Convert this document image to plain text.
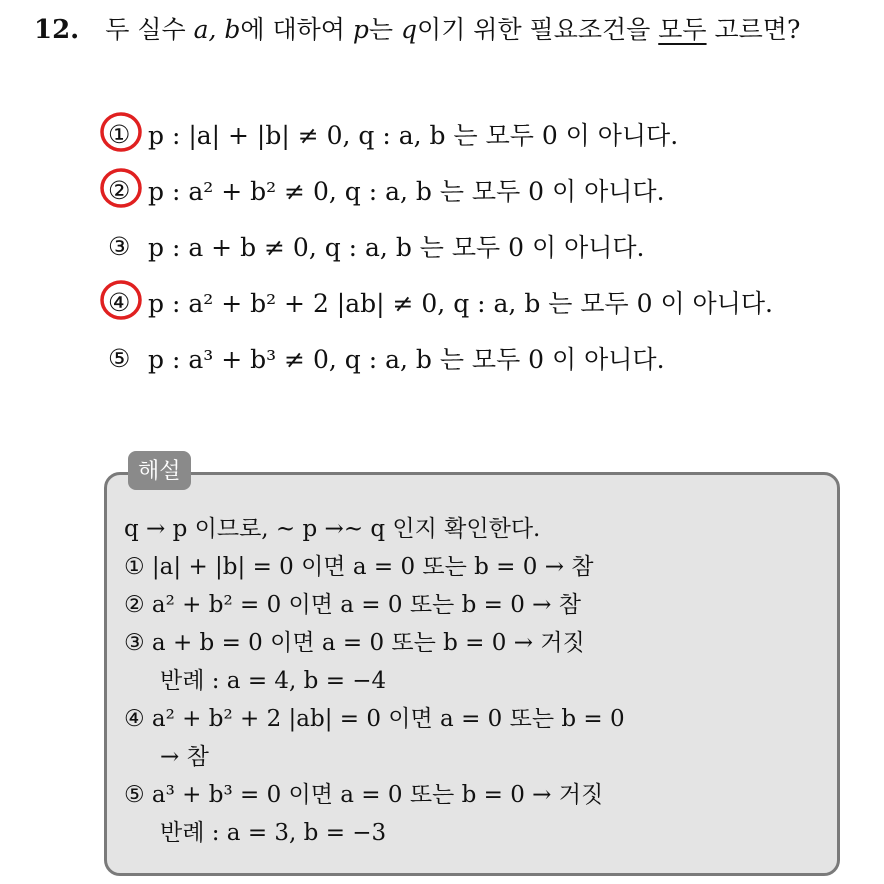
12. 두 실수 a, b에 대하여 p는 q이기 위한 필요조건을 모두 고르면?
① p : |a| + |b| ≠ 0, q : a, b 는 모두 0 이 아니다.
② p : a² + b² ≠ 0, q : a, b 는 모두 0 이 아니다.
③ p : a + b ≠ 0, q : a, b 는 모두 0 이 아니다.
④ p : a² + b² + 2 |ab| ≠ 0, q : a, b 는 모두 0 이 아니다.
⑤ p : a³ + b³ ≠ 0, q : a, b 는 모두 0 이 아니다.
해설
q → p 이므로, ~ p →~ q 인지 확인한다.
① |a| + |b| = 0 이면 a = 0 또는 b = 0 → 참
② a² + b² = 0 이면 a = 0 또는 b = 0 → 참
③ a + b = 0 이면 a = 0 또는 b = 0 → 거짓
반례 : a = 4, b = −4
④ a² + b² + 2 |ab| = 0 이면 a = 0 또는 b = 0
→ 참
⑤ a³ + b³ = 0 이면 a = 0 또는 b = 0 → 거짓
반례 : a = 3, b = −3
